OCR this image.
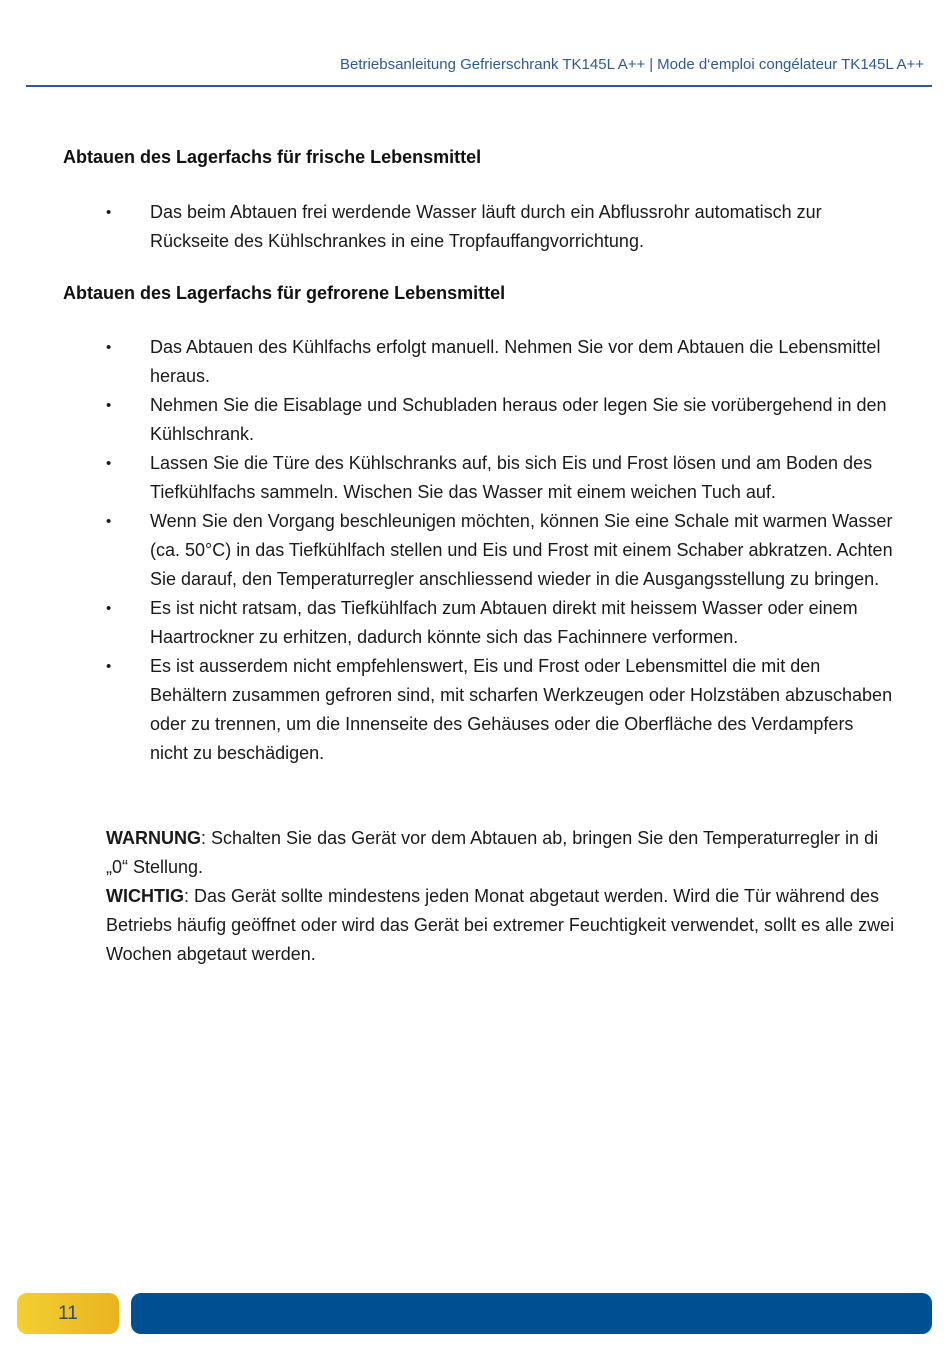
Betriebsanleitung Gefrierschrank TK145L A++ | Mode d‘emploi congélateur TK145L A++
Abtauen des Lagerfachs für frische Lebensmittel
•	Das beim Abtauen frei werdende Wasser läuft durch ein Abflussrohr automatisch zur Rückseite des Kühlschrankes in eine Tropfauffangvorrichtung.
Abtauen des Lagerfachs für gefrorene Lebensmittel
•	Das Abtauen des Kühlfachs erfolgt manuell. Nehmen Sie vor dem Abtauen die Lebensmittel heraus.
•	Nehmen Sie die Eisablage und Schubladen heraus oder legen Sie sie vorübergehend in den Kühlschrank.
•	Lassen Sie die Türe des Kühlschranks auf, bis sich Eis und Frost lösen und am Boden des Tiefkühlfachs sammeln. Wischen Sie das Wasser mit einem weichen Tuch auf.
•	Wenn Sie den Vorgang beschleunigen möchten, können Sie eine Schale mit warmen Wasser (ca. 50°C) in das Tiefkühlfach stellen und Eis und Frost mit einem Schaber abkratzen. Achten Sie darauf, den Temperaturregler anschliessend wieder in die Ausgangsstellung zu bringen.
•	Es ist nicht ratsam, das Tiefkühlfach zum Abtauen direkt mit heissem Wasser oder einem Haartrockner zu erhitzen, dadurch könnte sich das Fachinnere verformen.
•	Es ist ausserdem nicht empfehlenswert, Eis und Frost oder Lebensmittel die mit den Behältern zusammen gefroren sind, mit scharfen Werkzeugen oder Holzstäben abzuschaben oder zu trennen, um die Innenseite des Gehäuses oder die Oberfläche des Verdampfers nicht zu beschädigen.

WARNUNG: Schalten Sie das Gerät vor dem Abtauen ab, bringen Sie den Temperaturregler in di „0“ Stellung.

WICHTIG: Das Gerät sollte mindestens jeden Monat abgetaut werden. Wird die Tür während des Betriebs häufig geöffnet oder wird das Gerät bei extremer Feuchtigkeit verwendet, sollt es alle zwei Wochen abgetaut werden.

11
